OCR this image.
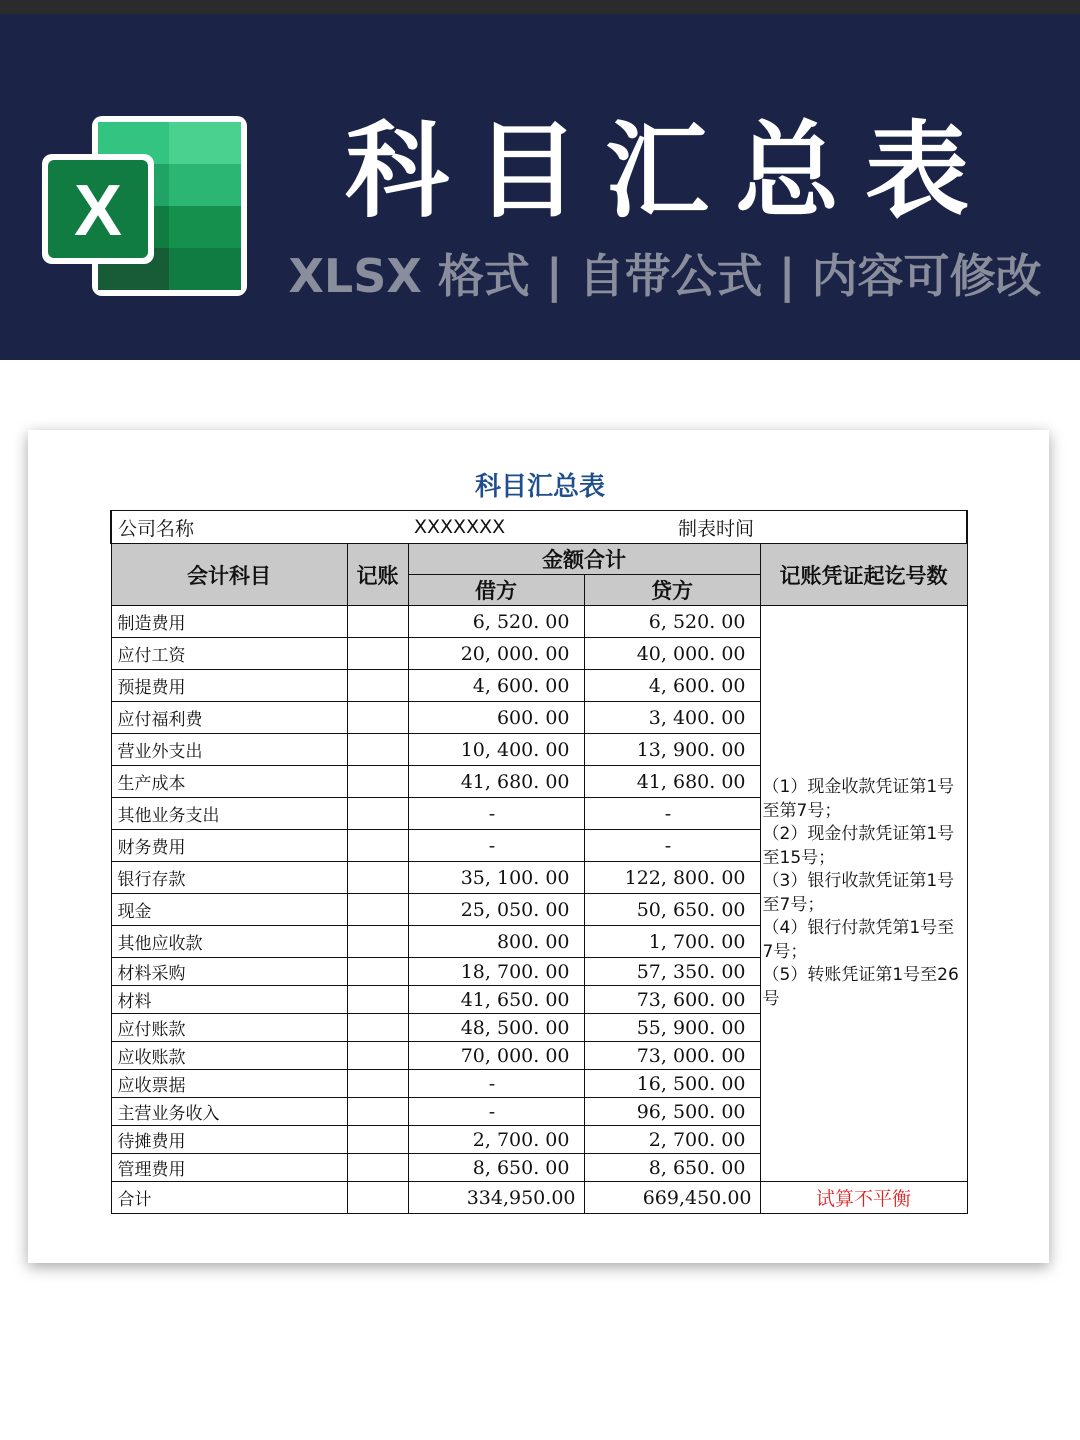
X	科目汇总表
XLSX 格式 | 自带公式 | 内容可修改
科目汇总表
公司名称		XXXXXXX	制表时间	
会计科目	记账	金额合计		记账凭证起讫号数
		借方	贷方	
制造费用		6, 520. 00	6, 520. 00	（1）现金收款凭证第1号至第7号；
（2）现金付款凭证第1号至15号；
（3）银行收款凭证第1号至7号；
（4）银行付款凭第1号至7号；
（5）转账凭证第1号至26号

应付工资		20, 000. 00	40, 000. 00	
预提费用		4, 600. 00	4, 600. 00	
应付福利费		600. 00	3, 400. 00	
营业外支出		10, 400. 00	13, 900. 00	
生产成本		41, 680. 00	41, 680. 00	
其他业务支出		-	-	
财务费用		-	-	
银行存款		35, 100. 00	122, 800. 00	
现金		25, 050. 00	50, 650. 00	
其他应收款		800. 00	1, 700. 00	
材料采购		18, 700. 00	57, 350. 00	
材料		41, 650. 00	73, 600. 00	
应付账款		48, 500. 00	55, 900. 00	
应收账款		70, 000. 00	73, 000. 00	
应收票据		-	16, 500. 00	
主营业务收入		-	96, 500. 00	
待摊费用		2, 700. 00	2, 700. 00	
管理费用		8, 650. 00	8, 650. 00	
合计		334,950.00	669,450.00	试算不平衡
